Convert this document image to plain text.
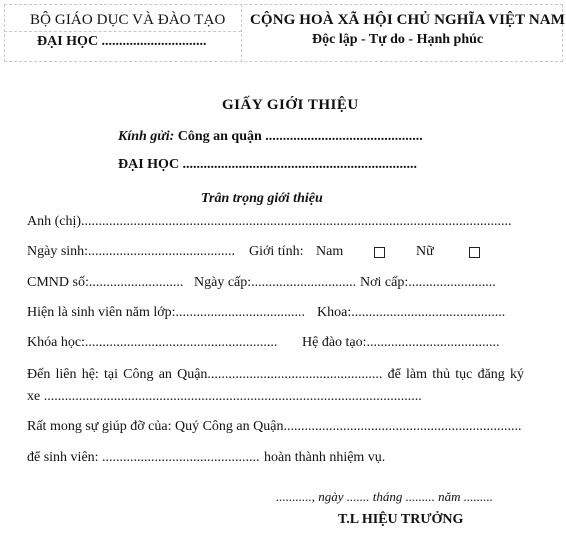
BỘ GIÁO DỤC VÀ ĐÀO TẠO
ĐẠI HỌC ..............................
CỘNG HOÀ XÃ HỘI CHỦ NGHĨA VIỆT NAM
Độc lập - Tự do - Hạnh phúc
GIẤY GIỚI THIỆU
Kính gửi: Công an quận .............................................
ĐẠI HỌC ...................................................................
Trân trọng giới thiệu
Anh (chị)...........................................................................................................................
Ngày sinh:.......................................... Giới tính: Nam	Nữ
CMND số:........................... Ngày cấp:.............................. Nơi cấp:.........................
Hiện là sinh viên năm lớp:..................................... Khoa:............................................
Khóa học:....................................................... Hệ đào tạo:......................................
Đến liên hệ: tại Công an Quận.................................................. để làm thủ tục đăng ký
xe ............................................................................................................
Rất mong sự giúp đỡ của: Quý Công an Quận....................................................................
để sinh viên: ............................................. hoàn thành nhiệm vụ.
..........., ngày ....... tháng ......... năm .........
T.L HIỆU TRƯỞNG
